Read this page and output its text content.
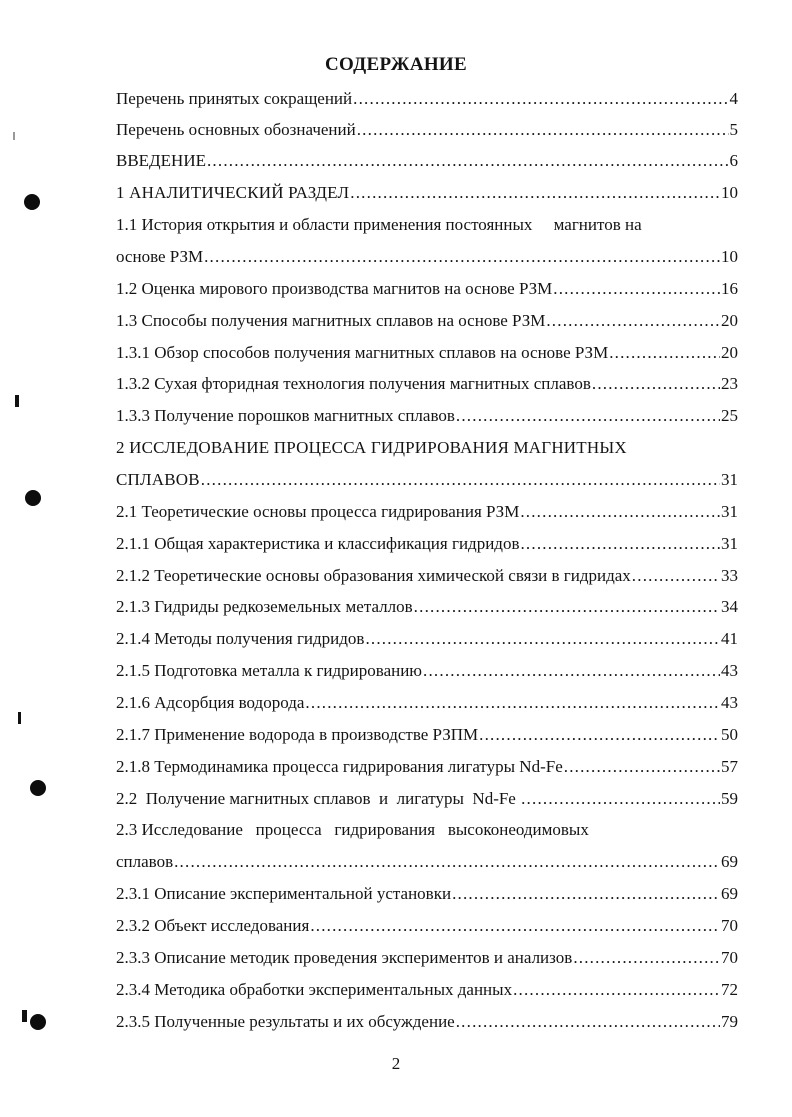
СОДЕРЖАНИЕ
Перечень принятых сокращений .....	4
Перечень основных обозначений .....	5
ВВЕДЕНИЕ .....	6
1 АНАЛИТИЧЕСКИЙ РАЗДЕЛ .....	10
1.1 История открытия и области применения постоянных     магнитов на
основе РЗМ .....	10
1.2 Оценка мирового производства магнитов на основе РЗМ .....	16
1.3 Способы получения магнитных сплавов на основе РЗМ .....	20
1.3.1 Обзор способов получения магнитных сплавов на основе РЗМ .....	20
1.3.2 Сухая фторидная технология получения магнитных сплавов .....	23
1.3.3 Получение порошков магнитных сплавов .....	25
2 ИССЛЕДОВАНИЕ ПРОЦЕССА ГИДРИРОВАНИЯ МАГНИТНЫХ
СПЛАВОВ .....	31
2.1 Теоретические основы процесса гидрирования РЗМ .....	31
2.1.1 Общая характеристика и классификация гидридов .....	31
2.1.2 Теоретические основы образования химической связи в гидридах .....	33
2.1.3 Гидриды редкоземельных металлов .....	34
2.1.4 Методы получения гидридов .....	41
2.1.5 Подготовка металла к гидрированию .....	43
2.1.6 Адсорбция водорода .....	43
2.1.7 Применение водорода в производстве РЗПМ .....	50
2.1.8 Термодинамика процесса гидрирования лигатуры Nd-Fe .....	57
2.2  Получение магнитных сплавов  и  лигатуры  Nd-Fe .....	59
2.3 Исследование   процесса   гидрирования   высоконеодимовых
сплавов .....	69
2.3.1 Описание экспериментальной установки .....	69
2.3.2 Объект исследования .....	70
2.3.3 Описание методик проведения экспериментов и анализов .....	70
2.3.4 Методика обработки экспериментальных данных .....	72
2.3.5 Полученные результаты и их обсуждение .....	79
2
